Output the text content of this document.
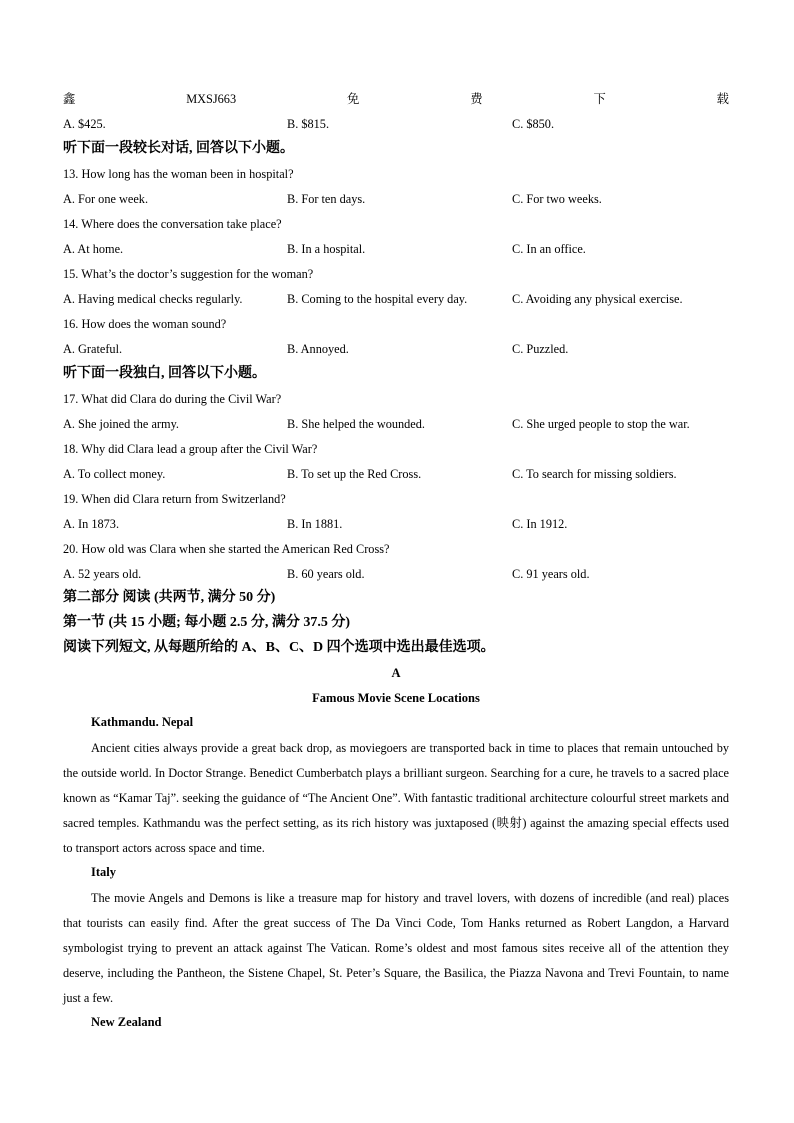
鑫	MXSJ663	免	费	下	载
A. $425.	B. $815.	C. $850.
听下面一段较长对话, 回答以下小题。
13. How long has the woman been in hospital?
A. For one week.	B. For ten days.	C. For two weeks.
14. Where does the conversation take place?
A. At home.	B. In a hospital.	C. In an office.
15. What’s the doctor’s suggestion for the woman?
A. Having medical checks regularly.	B. Coming to the hospital every day.	C. Avoiding any physical exercise.
16. How does the woman sound?
A. Grateful.	B. Annoyed.	C. Puzzled.
听下面一段独白, 回答以下小题。
17. What did Clara do during the Civil War?
A. She joined the army.	B. She helped the wounded.	C. She urged people to stop the war.
18. Why did Clara lead a group after the Civil War?
A. To collect money.	B. To set up the Red Cross.	C. To search for missing soldiers.
19. When did Clara return from Switzerland?
A. In 1873.	B. In 1881.	C. In 1912.
20. How old was Clara when she started the American Red Cross?
A. 52 years old.	B. 60 years old.	C. 91 years old.
第二部分 阅读 (共两节, 满分 50 分)
第一节 (共 15 小题; 每小题 2.5 分, 满分 37.5 分)
阅读下列短文, 从每题所给的 A、B、C、D 四个选项中选出最佳选项。
A
Famous Movie Scene Locations
Kathmandu. Nepal
Ancient cities always provide a great back drop, as moviegoers are transported back in time to places that remain untouched by the outside world. In Doctor Strange. Benedict Cumberbatch plays a brilliant surgeon. Searching for a cure, he travels to a sacred place known as “Kamar Taj”. seeking the guidance of “The Ancient One”. With fantastic traditional architecture colourful street markets and sacred temples. Kathmandu was the perfect setting, as its rich history was juxtaposed (映射) against the amazing special effects used to transport actors across space and time.
Italy
The movie Angels and Demons is like a treasure map for history and travel lovers, with dozens of incredible (and real) places that tourists can easily find. After the great success of The Da Vinci Code, Tom Hanks returned as Robert Langdon, a Harvard symbologist trying to prevent an attack against The Vatican. Rome’s oldest and most famous sites receive all of the attention they deserve, including the Pantheon, the Sistene Chapel, St. Peter’s Square, the Basilica, the Piazza Navona and Trevi Fountain, to name just a few.
New Zealand
